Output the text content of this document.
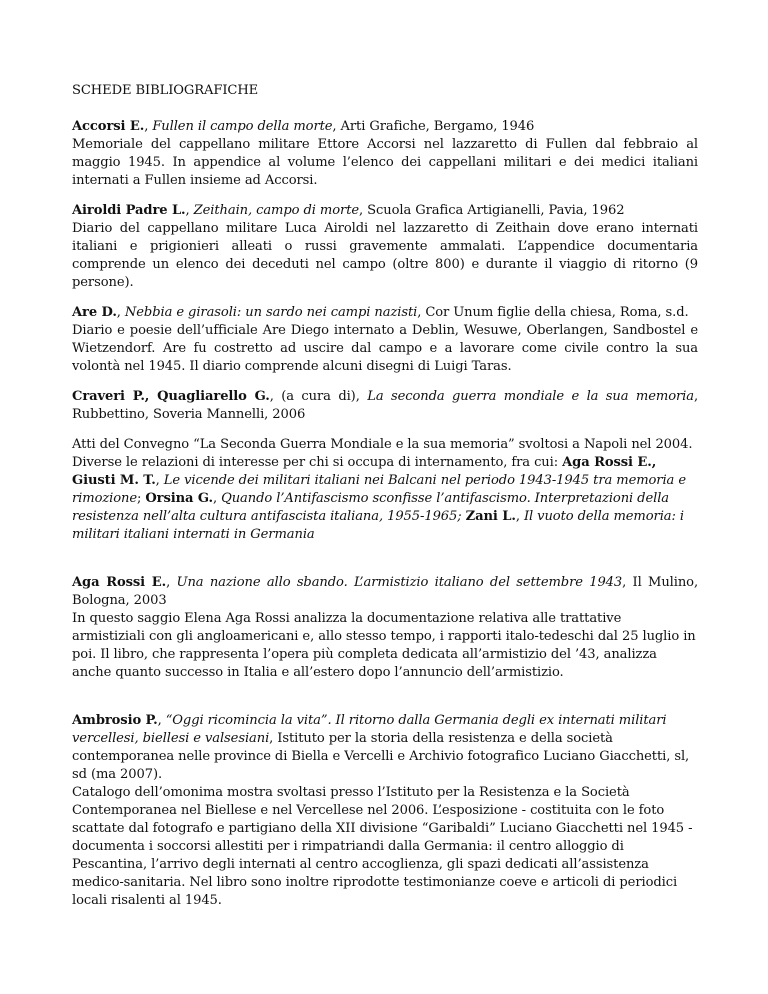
SCHEDE BIBLIOGRAFICHE

Accorsi E., Fullen il campo della morte, Arti Grafiche, Bergamo, 1946
Memoriale del cappellano militare Ettore Accorsi nel lazzaretto di Fullen dal febbraio al maggio 1945. In appendice al volume l’elenco dei cappellani militari e dei medici italiani internati a Fullen insieme ad Accorsi.

Airoldi Padre L., Zeithain, campo di morte, Scuola Grafica Artigianelli, Pavia, 1962
Diario del cappellano militare Luca Airoldi nel lazzaretto di Zeithain dove erano internati italiani e prigionieri alleati o russi gravemente ammalati. L’appendice documentaria comprende un elenco dei deceduti nel campo (oltre 800) e durante il viaggio di ritorno (9 persone).

Are D., Nebbia e girasoli: un sardo nei campi nazisti, Cor Unum figlie della chiesa, Roma, s.d.
Diario e poesie dell’ufficiale Are Diego internato a Deblin, Wesuwe, Oberlangen, Sandbostel e Wietzendorf. Are fu costretto ad uscire dal campo e a lavorare come civile contro la sua volontà nel 1945. Il diario comprende alcuni disegni di Luigi Taras.

Craveri P., Quagliarello G., (a cura di), La seconda guerra mondiale e la sua memoria, Rubbettino, Soveria Mannelli, 2006

Atti del Convegno “La Seconda Guerra Mondiale e la sua memoria” svoltosi a Napoli nel 2004. Diverse le relazioni di interesse per chi si occupa di internamento, fra cui: Aga Rossi E., Giusti M. T., Le vicende dei militari italiani nei Balcani nel periodo 1943-1945 tra memoria e rimozione; Orsina G., Quando l’Antifascismo sconfisse l’antifascismo. Interpretazioni della resistenza nell’alta cultura antifascista italiana, 1955-1965; Zani L., Il vuoto della memoria: i militari italiani internati in Germania

Aga Rossi E., Una nazione allo sbando. L’armistizio italiano del settembre 1943, Il Mulino, Bologna, 2003

In questo saggio Elena Aga Rossi analizza la documentazione relativa alle trattative armistiziali con gli angloamericani e, allo stesso tempo, i rapporti italo-tedeschi dal 25 luglio in poi. Il libro, che rappresenta l’opera più completa dedicata all’armistizio del ’43, analizza anche quanto successo in Italia e all’estero dopo l’annuncio dell’armistizio.

Ambrosio P., “Oggi ricomincia la vita”. Il ritorno dalla Germania degli ex internati militari vercellesi, biellesi e valsesiani, Istituto per la storia della resistenza e della società contemporanea nelle province di Biella e Vercelli e Archivio fotografico Luciano Giacchetti, sl, sd (ma 2007).

Catalogo dell’omonima mostra svoltasi presso l’Istituto per la Resistenza e la Società Contemporanea nel Biellese e nel Vercellese nel 2006. L’esposizione - costituita con le foto scattate dal fotografo e partigiano della XII divisione “Garibaldi” Luciano Giacchetti nel 1945 - documenta i soccorsi allestiti per i rimpatriandi dalla Germania: il centro alloggio di Pescantina, l’arrivo degli internati al centro accoglienza, gli spazi dedicati all’assistenza medico-sanitaria. Nel libro sono inoltre riprodotte testimonianze coeve e articoli di periodici locali risalenti al 1945.
